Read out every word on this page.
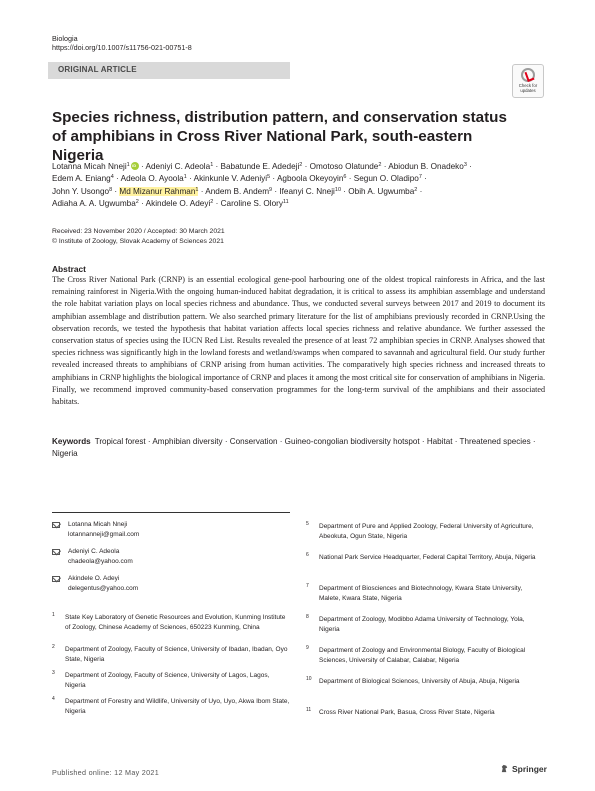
Biologia
https://doi.org/10.1007/s11756-021-00751-8
ORIGINAL ARTICLE
Check for updates
Species richness, distribution pattern, and conservation status of amphibians in Cross River National Park, south-eastern Nigeria
Lotanna Micah Nneji$^1$iD · Adeniyi C. Adeola$^1$ · Babatunde E. Adedeji$^2$ · Omotoso Olatunde$^2$ · Abiodun B. Onadeko$^3$ ·
Edem A. Eniang$^4$ · Adeola O. Ayoola$^1$ · Akinkunle V. Adeniyi$^5$ · Agboola Okeyoyin$^6$ · Segun O. Oladipo$^7$ ·
John Y. Usongo$^8$ · Md Mizanur Rahman$^1$ · Andem B. Andem$^9$ · Ifeanyi C. Nneji$^{10}$ · Obih A. Ugwumba$^2$ ·
Adiaha A. A. Ugwumba$^2$ · Akindele O. Adeyi$^2$ · Caroline S. Olory$^{11}$
Received: 23 November 2020 / Accepted: 30 March 2021
© Institute of Zoology, Slovak Academy of Sciences 2021
Abstract
The Cross River National Park (CRNP) is an essential ecological gene-pool harbouring one of the oldest tropical rainforests in Africa, and the last remaining rainforest in Nigeria.With the ongoing human-induced habitat degradation, it is critical to assess its amphibian assemblage and understand the role habitat variation plays on local species richness and abundance. Thus, we conducted several surveys between 2017 and 2019 to document its amphibian assemblage and distribution pattern. We also searched primary literature for the list of amphibians previously recorded in CRNP.Using the observation records, we tested the hypothesis that habitat variation affects local species richness and relative abundance. We further assessed the conservation status of species using the IUCN Red List. Results revealed the presence of at least 72 amphibian species in CRNP. Analyses showed that species richness was significantly high in the lowland forests and wetland/swamps when compared to savannah and agricultural field. Our study further revealed increased threats to amphibians of CRNP arising from human activities. The comparatively high species richness and increased threats to amphibians in CRNP highlights the biological importance of CRNP and places it among the most critical site for conservation of amphibians in Nigeria. Finally, we recommend improved community-based conservation programmes for the long-term survival of the amphibians and their associated habitats.
Keywords Tropical forest · Amphibian diversity · Conservation · Guineo-congolian biodiversity hotspot · Habitat · Threatened species · Nigeria
Lotanna Micah Nneji
lotannanneji@gmail.com
Adeniyi C. Adeola
chadeola@yahoo.com
Akindele O. Adeyi
delegentus@yahoo.com
1 State Key Laboratory of Genetic Resources and Evolution, Kunming Institute of Zoology, Chinese Academy of Sciences, 650223 Kunming, China
2 Department of Zoology, Faculty of Science, University of Ibadan, Ibadan, Oyo State, Nigeria
3 Department of Zoology, Faculty of Science, University of Lagos, Lagos, Nigeria
4 Department of Forestry and Wildlife, University of Uyo, Uyo, Akwa Ibom State, Nigeria
5 Department of Pure and Applied Zoology, Federal University of Agriculture, Abeokuta, Ogun State, Nigeria
6 National Park Service Headquarter, Federal Capital Territory, Abuja, Nigeria
7 Department of Biosciences and Biotechnology, Kwara State University, Malete, Kwara State, Nigeria
8 Department of Zoology, Modibbo Adama University of Technology, Yola, Nigeria
9 Department of Zoology and Environmental Biology, Faculty of Biological Sciences, University of Calabar, Calabar, Nigeria
10 Department of Biological Sciences, University of Abuja, Abuja, Nigeria
11 Cross River National Park, Basua, Cross River State, Nigeria
Published online: 12 May 2021	Springer
